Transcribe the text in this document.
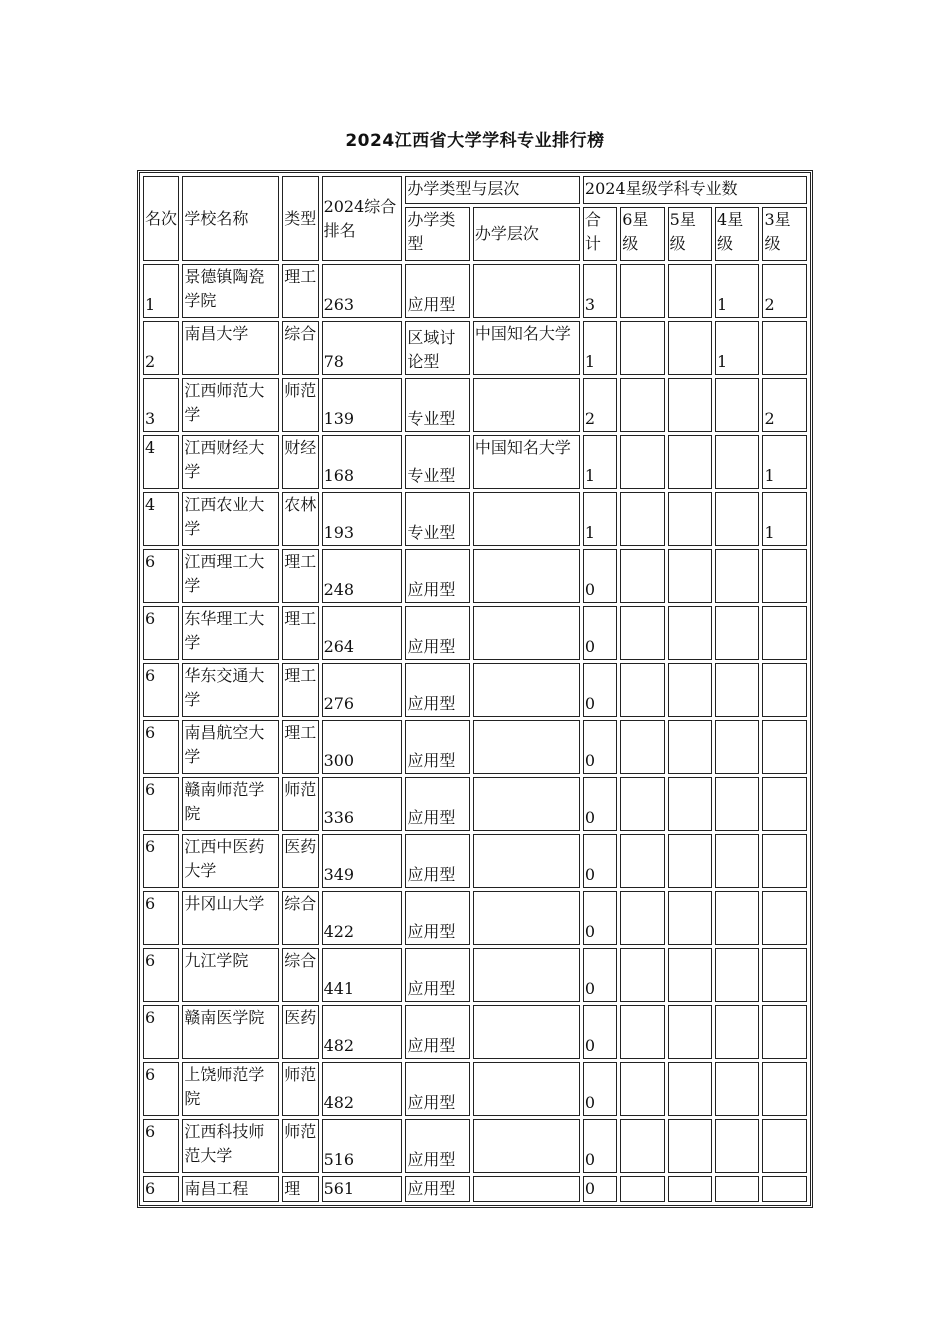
2024江西省大学学科专业排行榜
名次	学校名称	类型	2024综合排名	办学类型与层次		2024星级学科专业数				
				办学类型	办学层次	合计	6星级	5星级	4星级	3星级
1	景德镇陶瓷学院	理工	263	应用型		3			1	2
2	南昌大学	综合	78	区域讨论型	中国知名大学	1			1	
3	江西师范大学	师范	139	专业型		2				2
4	江西财经大学	财经	168	专业型	中国知名大学	1				1
4	江西农业大学	农林	193	专业型		1				1
6	江西理工大学	理工	248	应用型		0				
6	东华理工大学	理工	264	应用型		0				
6	华东交通大学	理工	276	应用型		0				
6	南昌航空大学	理工	300	应用型		0				
6	赣南师范学院	师范	336	应用型		0				
6	江西中医药大学	医药	349	应用型		0				
6	井冈山大学	综合	422	应用型		0				
6	九江学院	综合	441	应用型		0				
6	赣南医学院	医药	482	应用型		0				
6	上饶师范学院	师范	482	应用型		0				
6	江西科技师范大学	师范	516	应用型		0				
6	南昌工程	理	561	应用型		0				
